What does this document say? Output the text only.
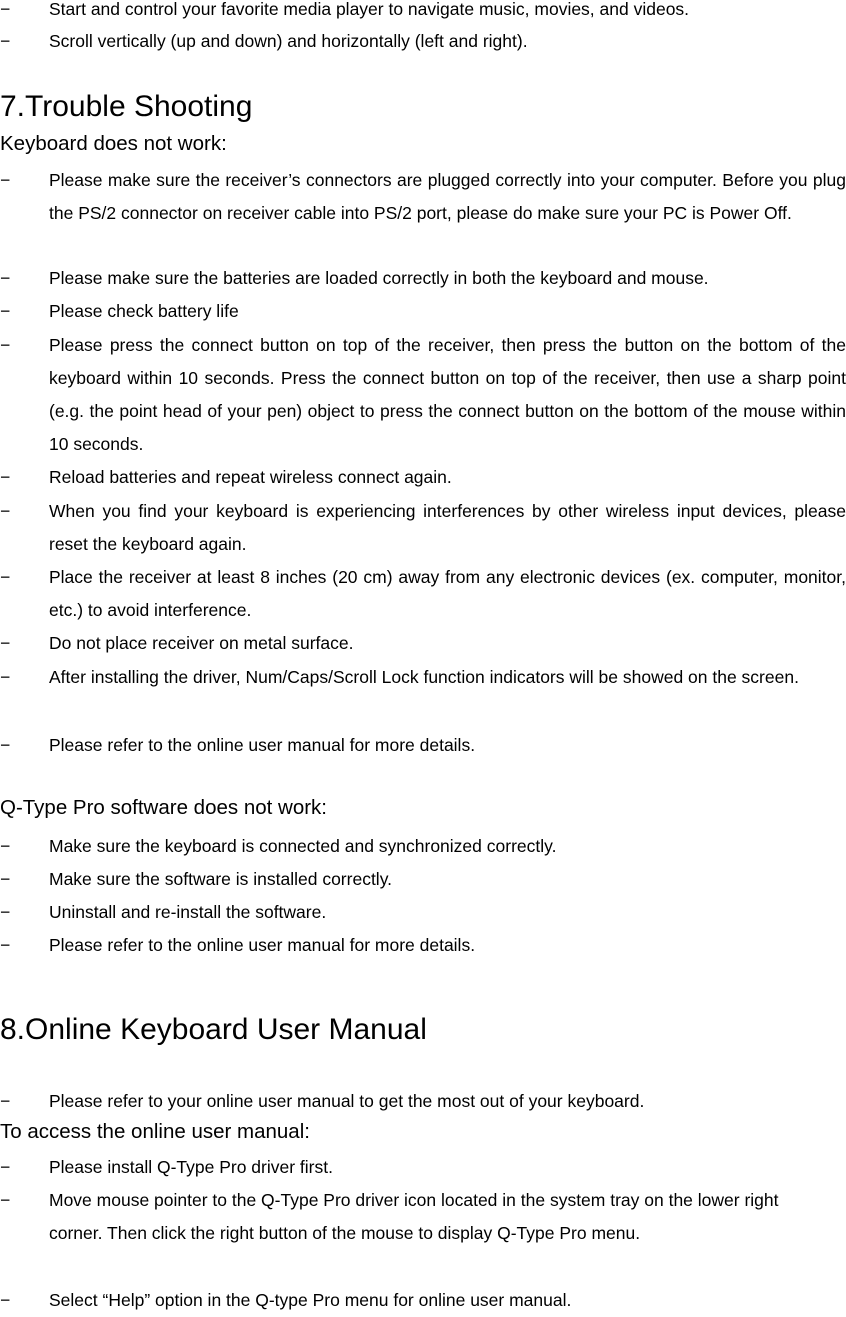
−	Start and control your favorite media player to navigate music, movies, and videos.
−	Scroll vertically (up and down) and horizontally (left and right).
7.Trouble Shooting
Keyboard does not work:
−	Please make sure the receiver’s connectors are plugged correctly into your computer. Before you plug the PS/2 connector on receiver cable into PS/2 port, please do make sure your PC is Power Off.
−	Please make sure the batteries are loaded correctly in both the keyboard and mouse.
−	Please check battery life
−	Please press the connect button on top of the receiver, then press the button on the bottom of the keyboard within 10 seconds. Press the connect button on top of the receiver, then use a sharp point (e.g. the point head of your pen) object to press the connect button on the bottom of the mouse within 10 seconds.
−	Reload batteries and repeat wireless connect again.
−	When you find your keyboard is experiencing interferences by other wireless input devices, please reset the keyboard again.
−	Place the receiver at least 8 inches (20 cm) away from any electronic devices (ex. computer, monitor, etc.) to avoid interference.
−	Do not place receiver on metal surface.
−	After installing the driver, Num/Caps/Scroll Lock function indicators will be showed on the screen.
−	Please refer to the online user manual for more details.
Q-Type Pro software does not work:
−	Make sure the keyboard is connected and synchronized correctly.
−	Make sure the software is installed correctly.
−	Uninstall and re-install the software.
−	Please refer to the online user manual for more details.
8.Online Keyboard User Manual
−	Please refer to your online user manual to get the most out of your keyboard.
To access the online user manual:
−	Please install Q-Type Pro driver first.
−	Move mouse pointer to the Q-Type Pro driver icon located in the system tray on the lower right corner. Then click the right button of the mouse to display Q-Type Pro menu.
−	Select “Help” option in the Q-type Pro menu for online user manual.
